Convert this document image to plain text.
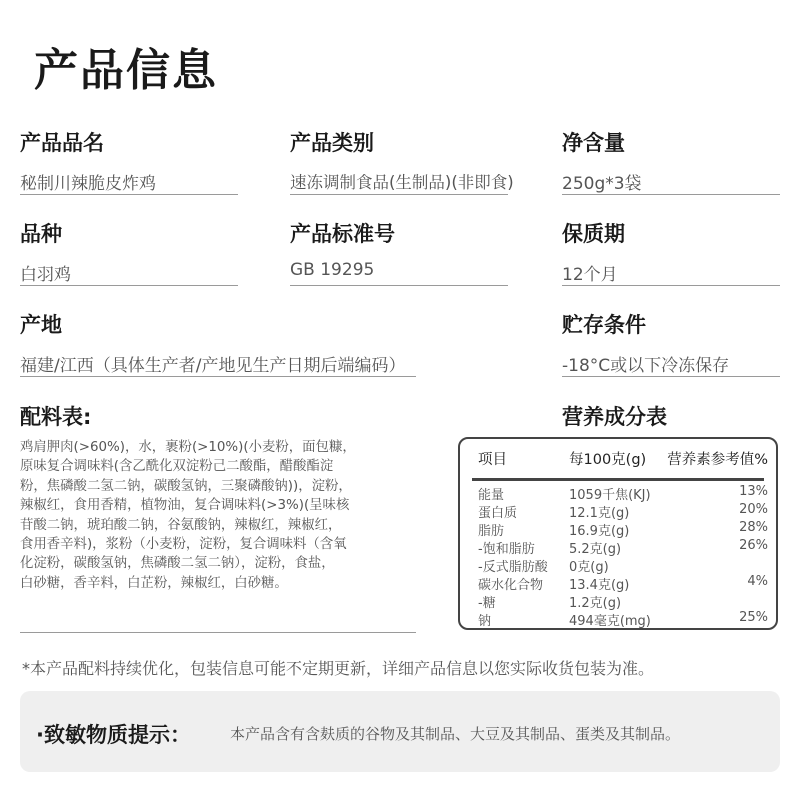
产品信息
产品品名
秘制川辣脆皮炸鸡
产品类别
速冻调制食品(生制品)(非即食)
净含量
250g*3袋
品种
白羽鸡
产品标准号
GB 19295
保质期
12个月
产地
福建/江西（具体生产者/产地见生产日期后端编码）
贮存条件
-18°C或以下冷冻保存
配料表:
鸡肩胛肉(>60%)，水，裹粉(>10%)(小麦粉，面包糠，
原味复合调味料(含乙酰化双淀粉己二酸酯，醋酸酯淀
粉，焦磷酸二氢二钠，碳酸氢钠，三聚磷酸钠))，淀粉，
辣椒红，食用香精，植物油，复合调味料(>3%)(呈味核
苷酸二钠，琥珀酸二钠，谷氨酸钠，辣椒红，辣椒红，
食用香辛料)，浆粉（小麦粉，淀粉，复合调味料（含氧
化淀粉，碳酸氢钠，焦磷酸二氢二钠），淀粉，食盐，
白砂糖，香辛料，白芷粉，辣椒红，白砂糖。
营养成分表
项目	每100克(g) 营养素参考值%
能量	1059千焦(KJ)	13%
蛋白质	12.1克(g)	20%
脂肪	16.9克(g)	28%
-饱和脂肪	5.2克(g)	26%
-反式脂肪酸 0克(g)
碳水化合物 13.4克(g)	4%
-糖	1.2克(g)
钠	494毫克(mg)	25%
*本产品配料持续优化，包装信息可能不定期更新，详细产品信息以您实际收货包装为准。
·致敏物质提示：	本产品含有含麸质的谷物及其制品、大豆及其制品、蛋类及其制品。
